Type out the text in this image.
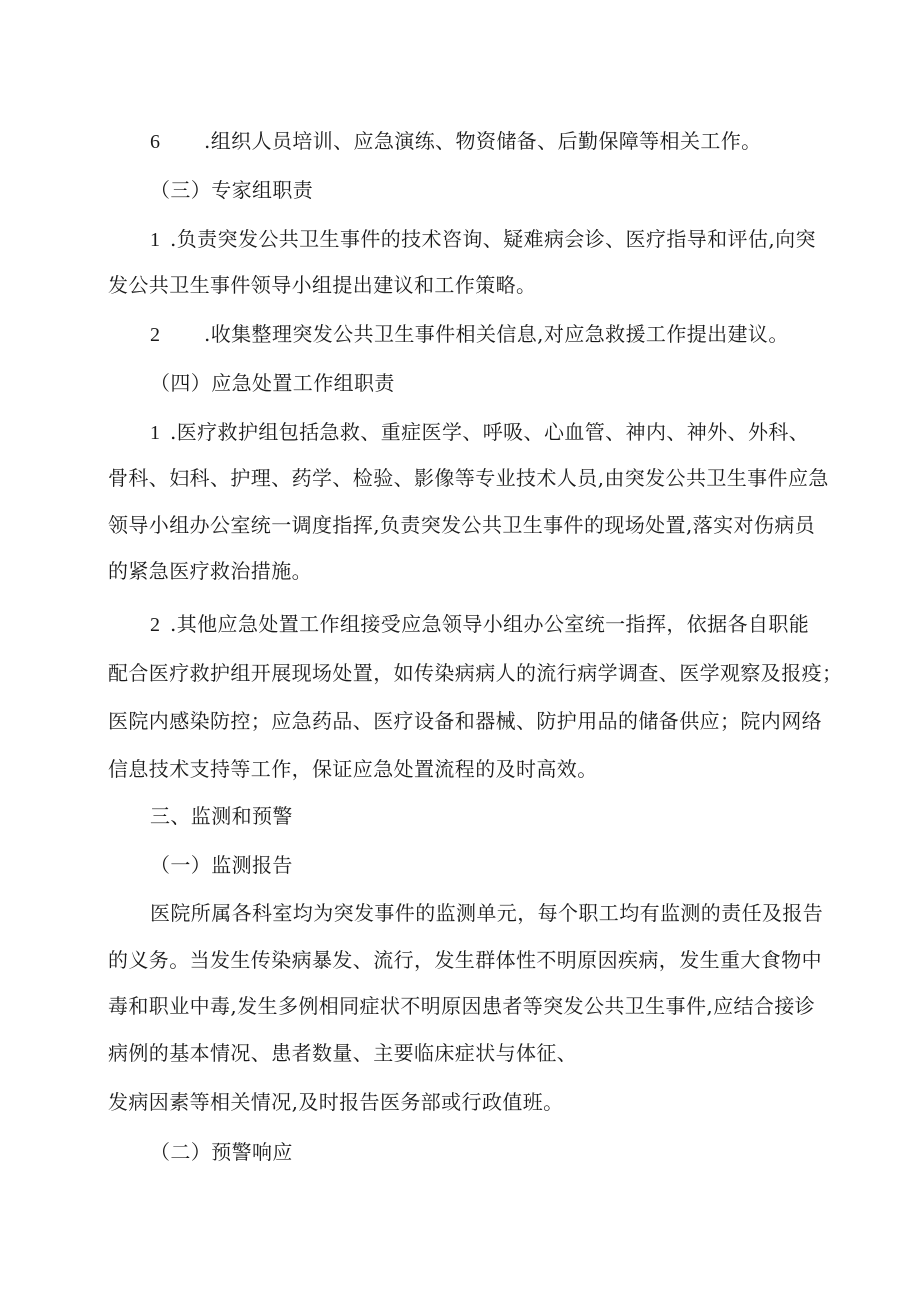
6 .组织人员培训、应急演练、物资储备、后勤保障等相关工作。
（三）专家组职责
1 .负责突发公共卫生事件的技术咨询、疑难病会诊、医疗指导和评估,向突
发公共卫生事件领导小组提出建议和工作策略。
2 .收集整理突发公共卫生事件相关信息,对应急救援工作提出建议。
（四）应急处置工作组职责
1 .医疗救护组包括急救、重症医学、呼吸、心血管、神内、神外、外科、
骨科、妇科、护理、药学、检验、影像等专业技术人员,由突发公共卫生事件应急
领导小组办公室统一调度指挥,负责突发公共卫生事件的现场处置,落实对伤病员
的紧急医疗救治措施。
2 .其他应急处置工作组接受应急领导小组办公室统一指挥，依据各自职能
配合医疗救护组开展现场处置，如传染病病人的流行病学调查、医学观察及报疫；
医院内感染防控；应急药品、医疗设备和器械、防护用品的储备供应；院内网络
信息技术支持等工作，保证应急处置流程的及时高效。
三、监测和预警
（一）监测报告
医院所属各科室均为突发事件的监测单元，每个职工均有监测的责任及报告
的义务。当发生传染病暴发、流行，发生群体性不明原因疾病，发生重大食物中
毒和职业中毒,发生多例相同症状不明原因患者等突发公共卫生事件,应结合接诊
病例的基本情况、患者数量、主要临床症状与体征、
发病因素等相关情况,及时报告医务部或行政值班。
（二）预警响应
